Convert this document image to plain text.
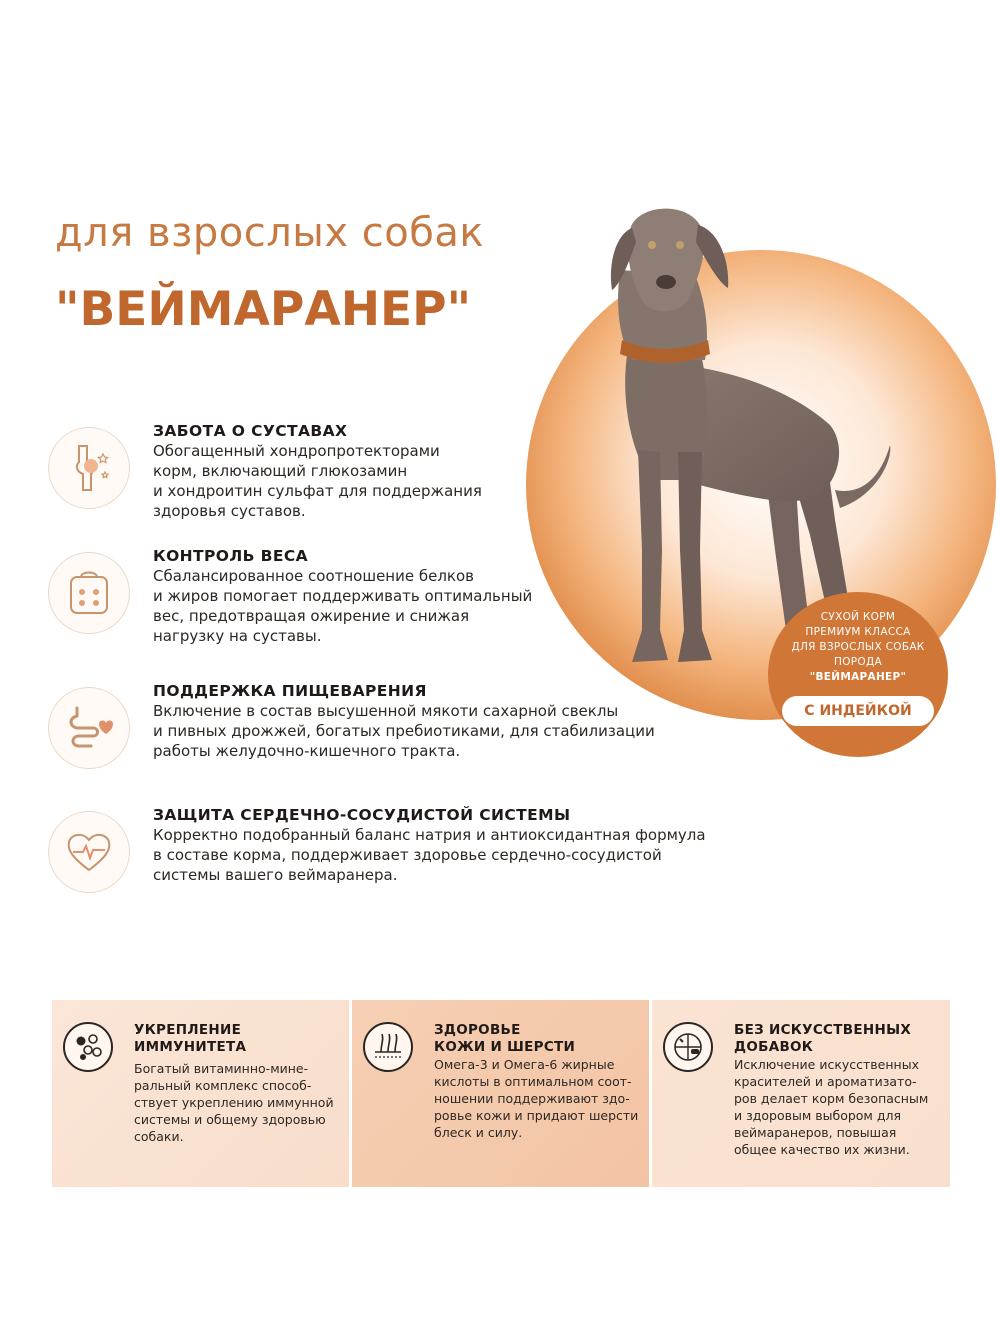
для взрослых собак
"ВЕЙМАРАНЕР"
СУХОЙ КОРМ
ПРЕМИУМ КЛАССА
ДЛЯ ВЗРОСЛЫХ СОБАК
ПОРОДА
"ВЕЙМАРАНЕР"
С ИНДЕЙКОЙ
ЗАБОТА О СУСТАВАХ
Обогащенный хондропротекторами
корм, включающий глюкозамин
и хондроитин сульфат для поддержания
здоровья суставов.
КОНТРОЛЬ ВЕСА
Сбалансированное соотношение белков
и жиров помогает поддерживать оптимальный
вес, предотвращая ожирение и снижая
нагрузку на суставы.
ПОДДЕРЖКА ПИЩЕВАРЕНИЯ
Включение в состав высушенной мякоти сахарной свеклы
и пивных дрожжей, богатых пребиотиками, для стабилизации
работы желудочно-кишечного тракта.
ЗАЩИТА СЕРДЕЧНО-СОСУДИСТОЙ СИСТЕМЫ
Корректно подобранный баланс натрия и антиоксидантная формула
в составе корма, поддерживает здоровье сердечно-сосудистой
системы вашего веймаранера.
УКРЕПЛЕНИЕ
ИММУНИТЕТА
Богатый витаминно-мине-
ральный комплекс способ-
ствует укреплению иммунной
системы и общему здоровью
собаки.
ЗДОРОВЬЕ
КОЖИ И ШЕРСТИ
Омега-3 и Омега-6 жирные
кислоты в оптимальном соот-
ношении поддерживают здо-
ровье кожи и придают шерсти
блеск и силу.
БЕЗ ИСКУССТВЕННЫХ
ДОБАВОК
Исключение искусственных
красителей и ароматизато-
ров делает корм безопасным
и здоровым выбором для
веймаранеров, повышая
общее качество их жизни.
